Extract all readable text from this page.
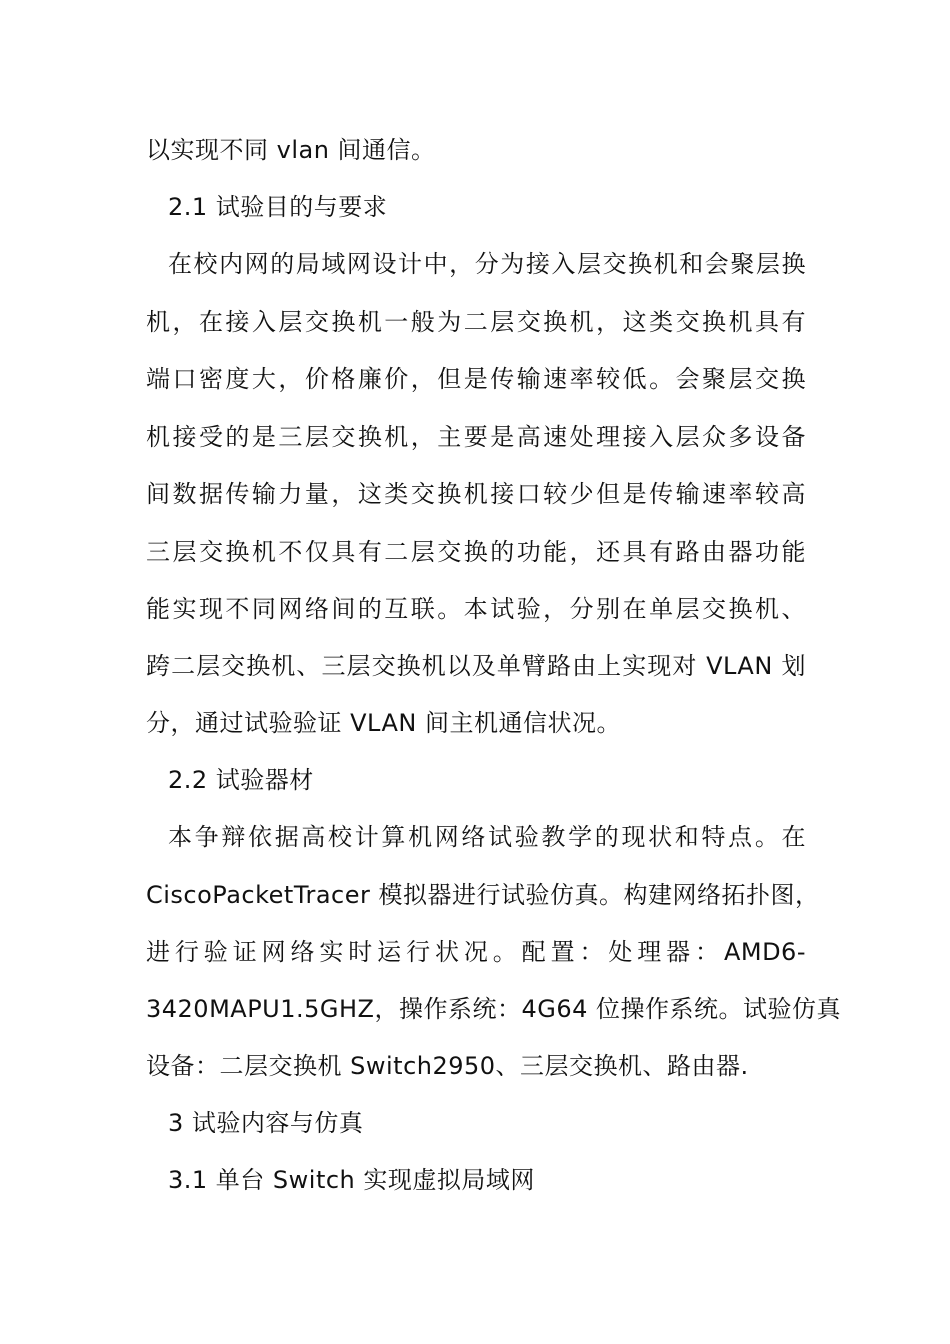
以实现不同 vlan 间通信。
2.1 试验目的与要求
在校内网的局域网设计中，分为接入层交换机和会聚层换
机，在接入层交换机一般为二层交换机，这类交换机具有
端口密度大，价格廉价，但是传输速率较低。会聚层交换
机接受的是三层交换机，主要是高速处理接入层众多设备
间数据传输力量，这类交换机接口较少但是传输速率较高
三层交换机不仅具有二层交换的功能，还具有路由器功能
能实现不同网络间的互联。本试验，分别在单层交换机、
跨二层交换机、三层交换机以及单臂路由上实现对 VLAN 划
分，通过试验验证 VLAN 间主机通信状况。
2.2 试验器材
本争辩依据高校计算机网络试验教学的现状和特点。在
CiscoPacketTracer 模拟器进行试验仿真。构建网络拓扑图，
进行验证网络实时运行状况。配置：处理器：AMD6-
3420MAPU1.5GHZ，操作系统：4G64 位操作系统。试验仿真
设备：二层交换机 Switch2950、三层交换机、路由器.
3 试验内容与仿真
3.1 单台 Switch 实现虚拟局域网
